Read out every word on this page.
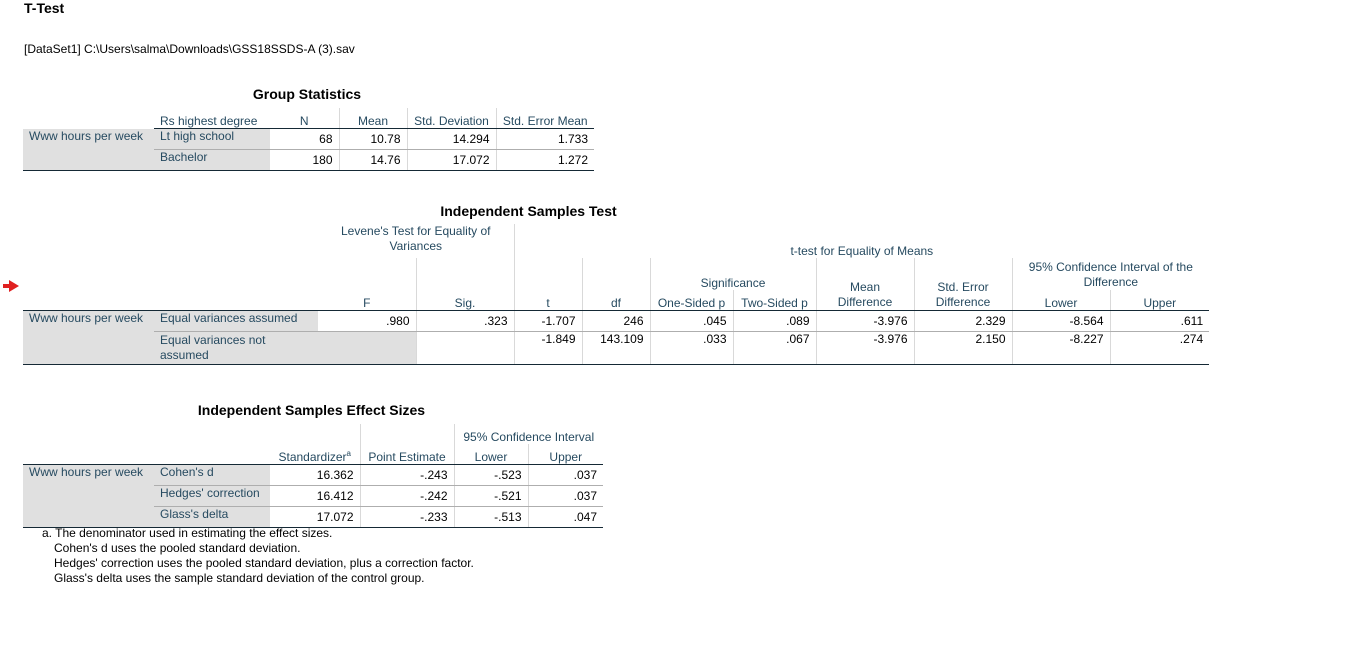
T-Test
[DataSet1] C:\Users\salma\Downloads\GSS18SSDS-A (3).sav
Group Statistics
	Rs highest degree	N	Mean	Std. Deviation	Std. Error Mean
Www hours per week	Lt high school	68	10.78	14.294	1.733
	Bachelor	180	14.76	17.072	1.272
Independent Samples Test
		Levene's Test for Equality of Variances		t-test for Equality of Means							
		F	Sig.	t	df	Significance		Mean Difference	Std. Error Difference	95% Confidence Interval of the Difference	
						One-Sided p	Two-Sided p			Lower	Upper
Www hours per week	Equal variances assumed	.980	.323	-1.707	246	.045	.089	-3.976	2.329	-8.564	.611
	Equal variances not assumed			-1.849	143.109	.033	.067	-3.976	2.150	-8.227	.274
Independent Samples Effect Sizes
		Standardizer$^a$	Point Estimate	95% Confidence Interval	
				Lower	Upper
Www hours per week	Cohen's d	16.362	-.243	-.523	.037
	Hedges' correction	16.412	-.242	-.521	.037
	Glass's delta	17.072	-.233	-.513	.047
a. The denominator used in estimating the effect sizes.
Cohen's d uses the pooled standard deviation.
Hedges' correction uses the pooled standard deviation, plus a correction factor.
Glass's delta uses the sample standard deviation of the control group.
